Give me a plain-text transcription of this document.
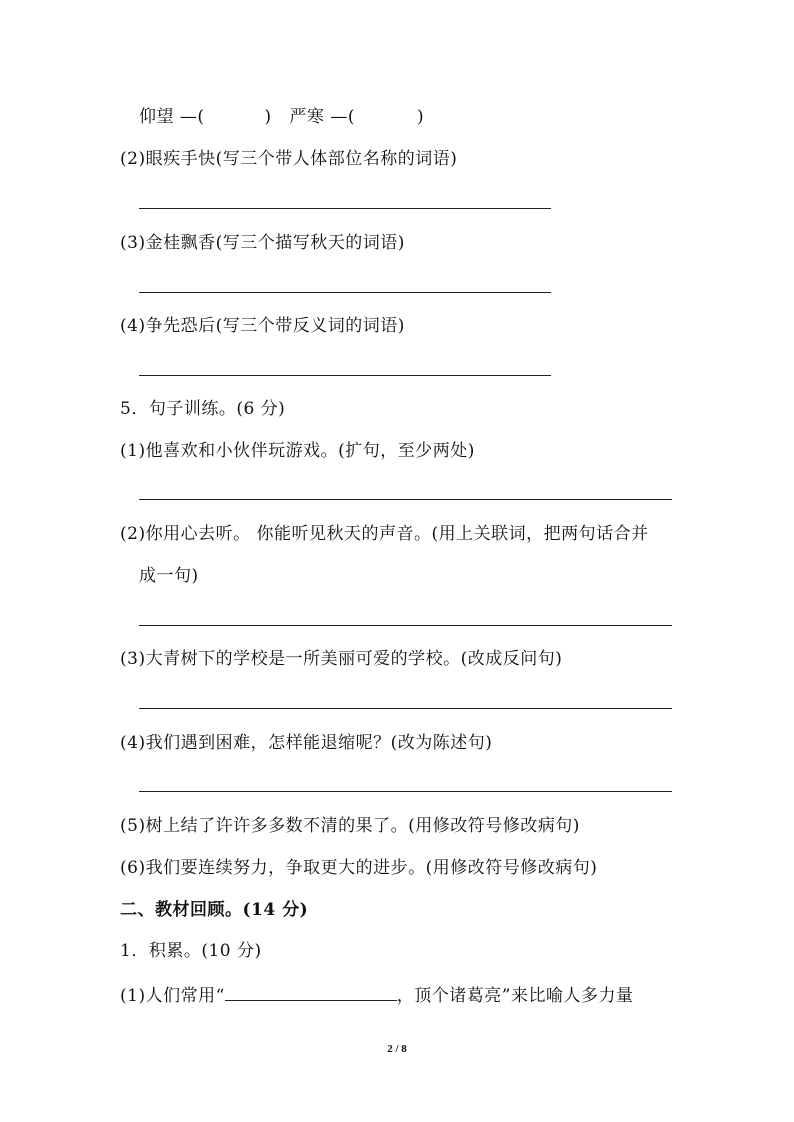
仰望 —(	) 严寒 —(	)
(2)眼疾手快(写三个带人体部位名称的词语)
(3)金桂飘香(写三个描写秋天的词语)
(4)争先恐后(写三个带反义词的词语)
5．句子训练。(6 分)
(1)他喜欢和小伙伴玩游戏。(扩句，至少两处)
(2)你用心去听。 你能听见秋天的声音。(用上关联词，把两句话合并
成一句)
(3)大青树下的学校是一所美丽可爱的学校。(改成反问句)
(4)我们遇到困难，怎样能退缩呢？(改为陈述句)
(5)树上结了许许多多数不清的果了。(用修改符号修改病句)
(6)我们要连续努力，争取更大的进步。(用修改符号修改病句)
二、教材回顾。(14 分)
1．积累。(10 分)
(1)人们常用“	，顶个诸葛亮”来比喻人多力量
2 / 8
